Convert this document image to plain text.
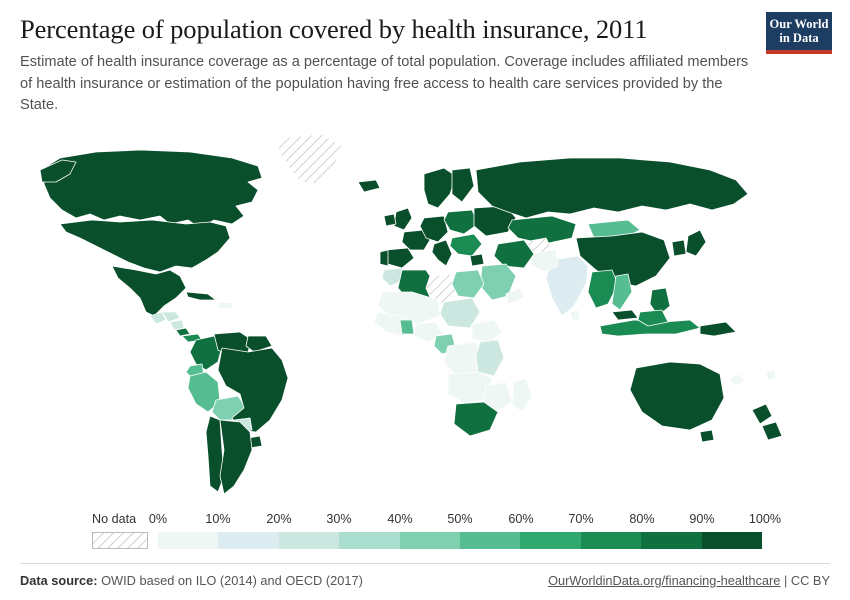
Percentage of population covered by health insurance, 2011

Estimate of health insurance coverage as a percentage of total population. Coverage includes affiliated members of health insurance or estimation of the population having free access to health care services provided by the State.

Our World
in Data
No data 0%	10%	20%	30%	40%	50%	60%	70%	80%	90%	100%
Data source: OWID based on ILO (2014) and OECD (2017)	OurWorldinData.org/financing-healthcare | CC BY
